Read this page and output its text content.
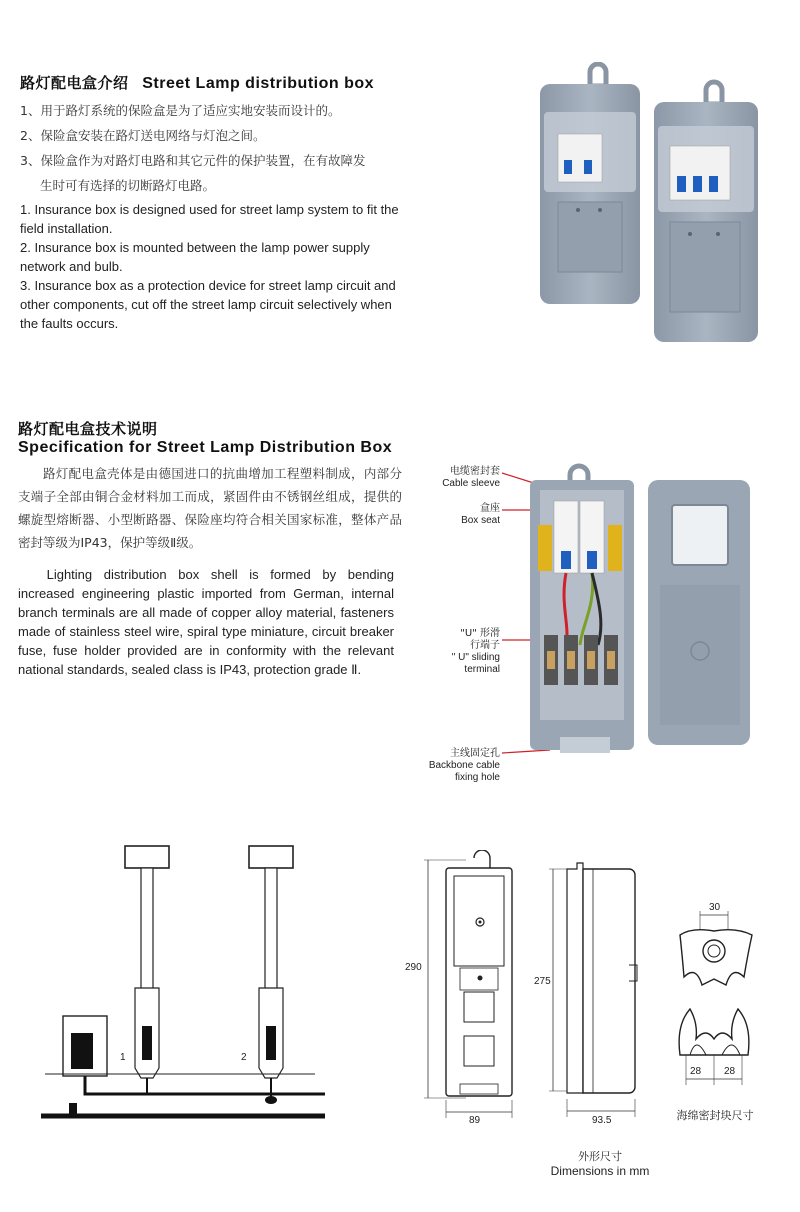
路灯配电盒介绍 Street Lamp distribution box
1、用于路灯系统的保险盒是为了适应实地安装而设计的。
2、保险盒安装在路灯送电网络与灯泡之间。
3、保险盒作为对路灯电路和其它元件的保护装置，在有故障发
生时可有选择的切断路灯电路。

1. Insurance box is designed used for street lamp system to fit the field installation.

2. Insurance box is mounted between the lamp power supply network and bulb.

3. Insurance box as a protection device for street lamp circuit and other components, cut off the street lamp circuit selectively when the faults occurs.

路灯配电盒技术说明
Specification for Street Lamp Distribution Box
路灯配电盒壳体是由德国进口的抗曲增加工程塑料制成，内部分支端子全部由铜合金材料加工而成，紧固件由不锈钢丝组成，提供的螺旋型熔断器、小型断路器、保险座均符合相关国家标准，整体产品密封等级为IP43，保护等级Ⅱ级。
Lighting distribution box shell is formed by bending increased engineering plastic imported from German, internal branch terminals are all made of copper alloy material, fasteners made of stainless steel wire, spiral type miniature, circuit breaker fuse, fuse holder provided are in conformity with the relevant national standards, sealed class is IP43, protection grade Ⅱ.
电缆密封套
Cable sleeve
盒座
Box seat
"U" 形滑
行端子
" U" sliding
terminal
主线固定孔
Backbone cable
fixing hole
1	2
290
89
275
93.5
30
28 28
海绵密封块尺寸
外形尺寸
Dimensions in mm
